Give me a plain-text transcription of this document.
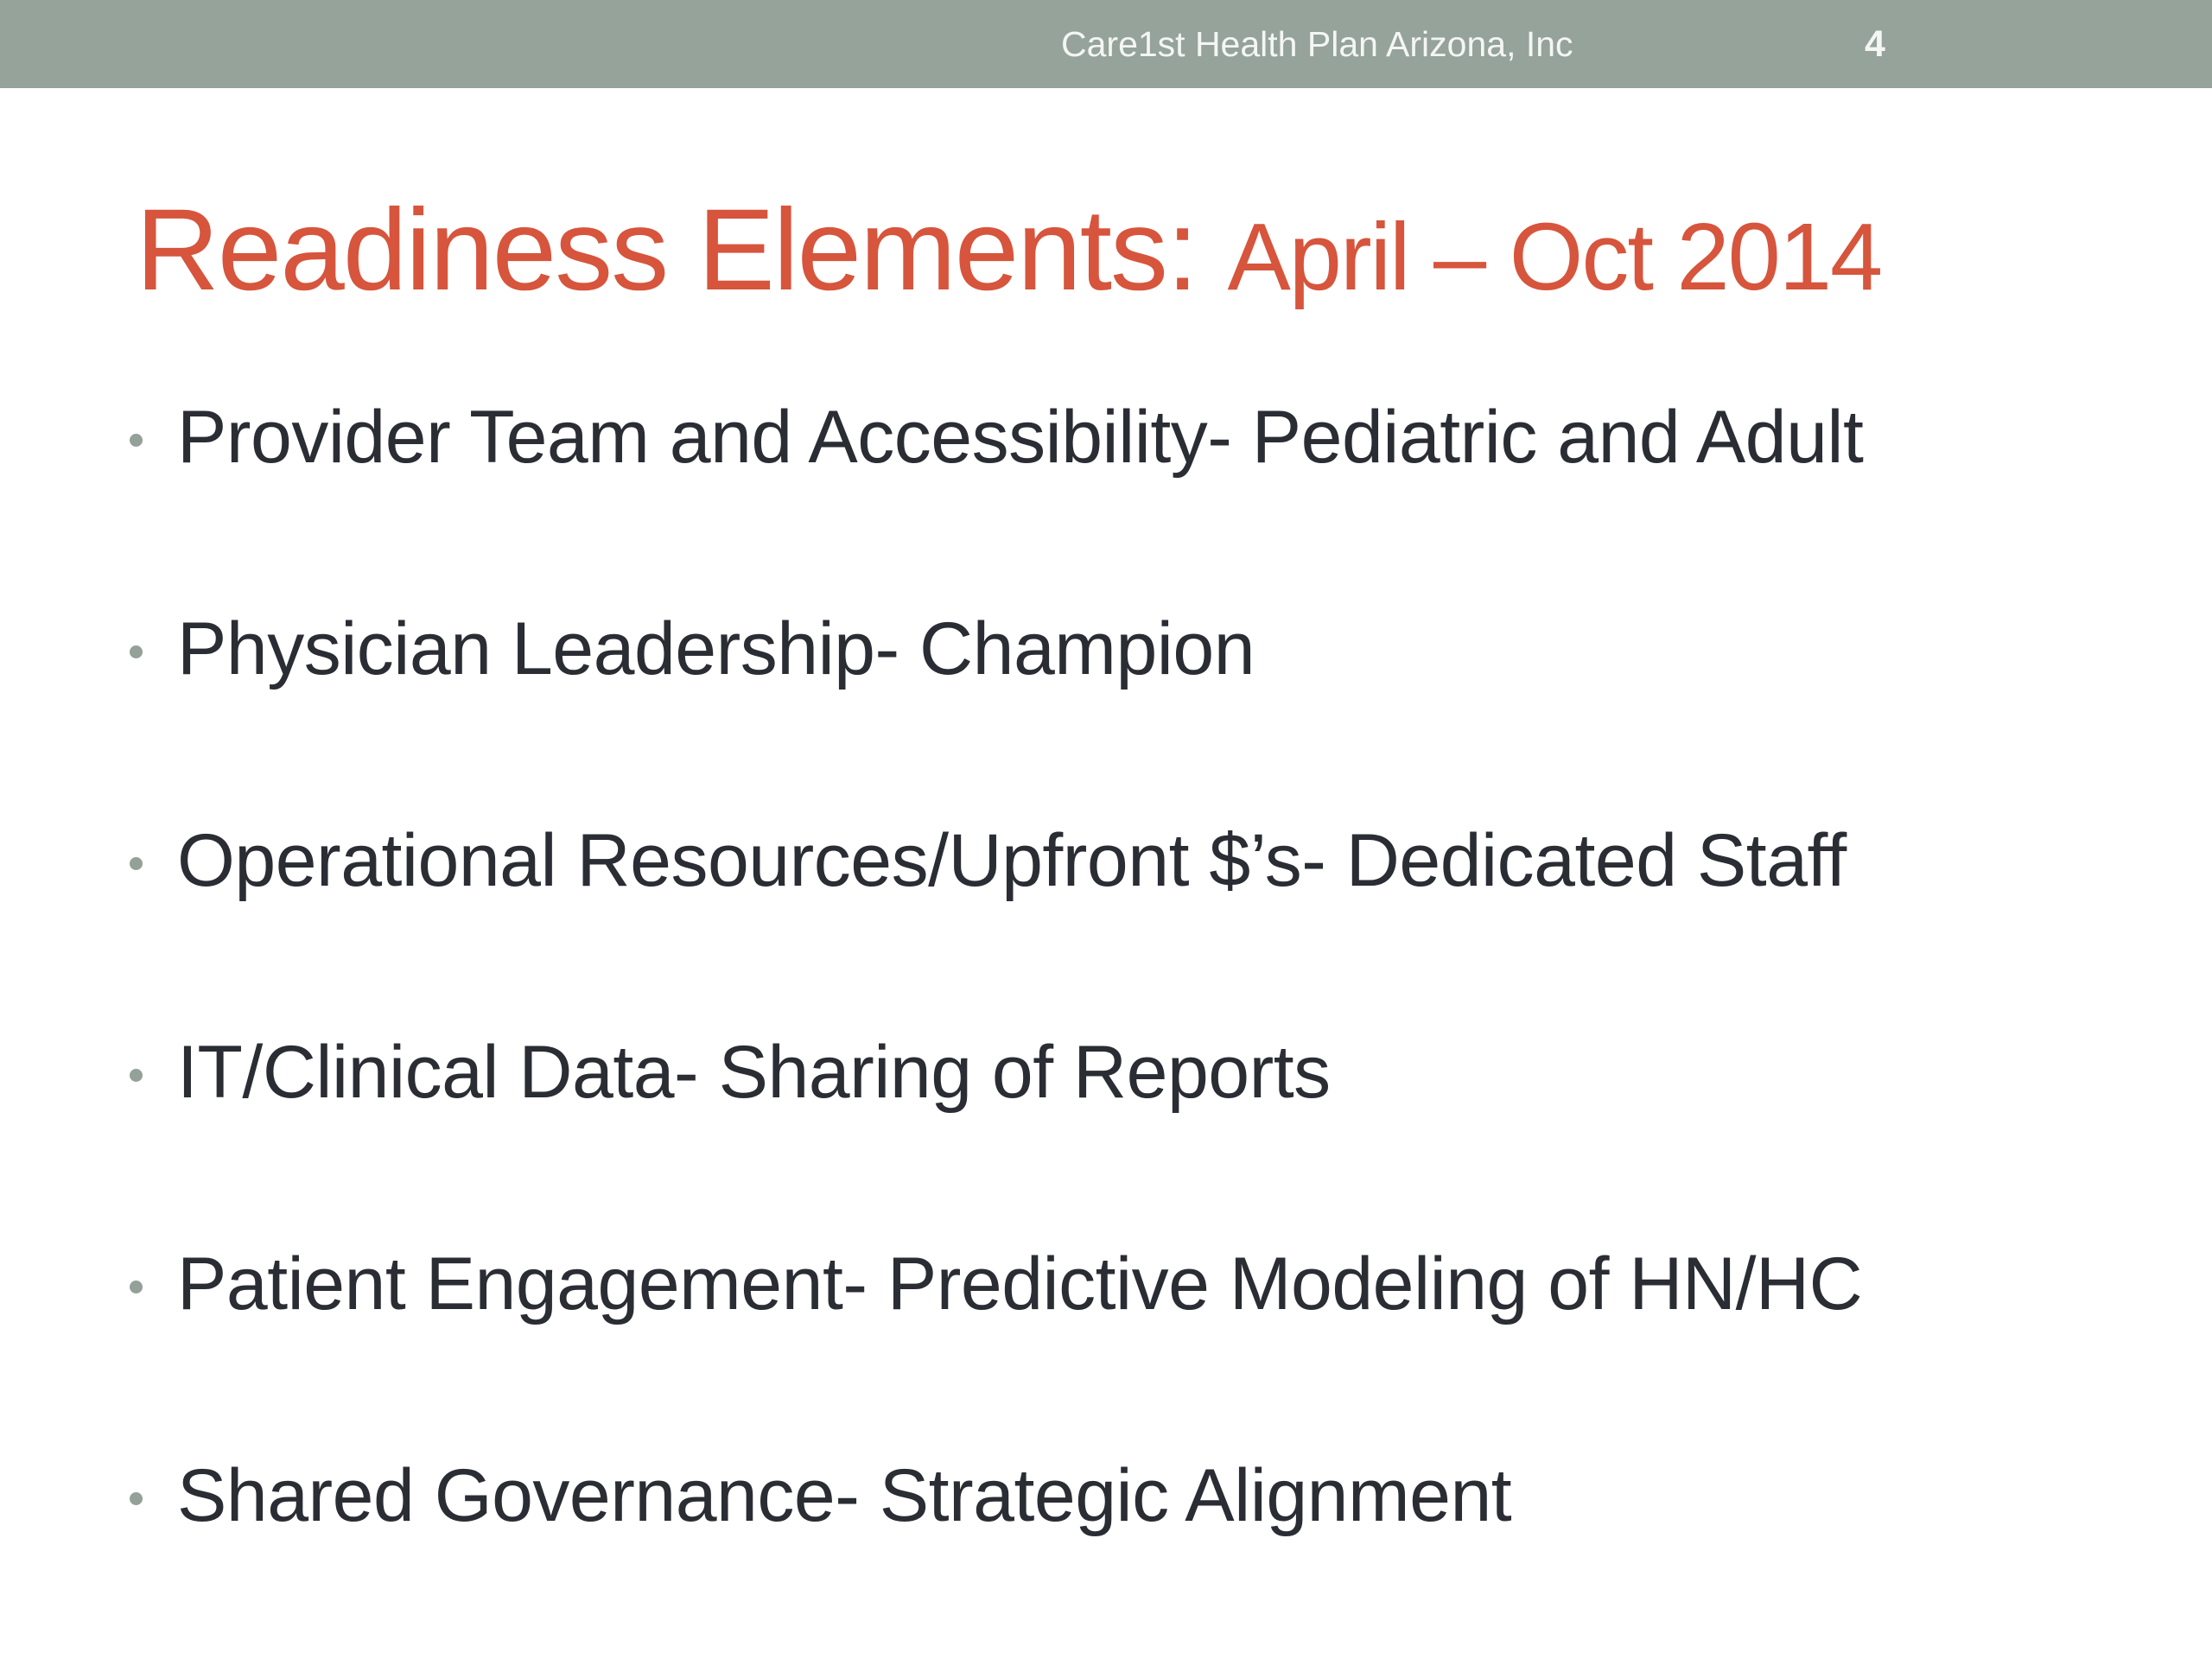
Care1st Health Plan Arizona, Inc	4
Readiness Elements: April – Oct 2014
Provider Team and Accessibility- Pediatric and Adult
Physician Leadership- Champion
Operational Resources/Upfront $’s- Dedicated Staff
IT/Clinical Data- Sharing of Reports
Patient Engagement- Predictive Modeling of HN/HC
Shared Governance- Strategic Alignment
